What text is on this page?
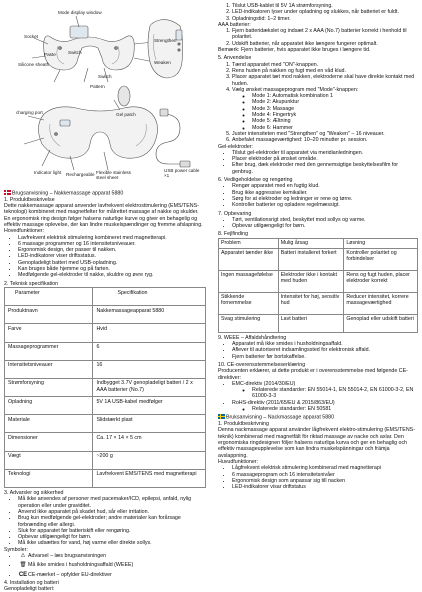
Mode display window
Socket
Switch
Silicone sheath
Paste
Switch
Pattern
Strengthen
Weaken
Gel patch
charging port
Indicator light Rechargeable Flexible stainless steel sheet
USB power cable ×1

Brugsanvisning – Nakkemassage apparat 5880

1. Produktbeskrivelse

Dette nakkemassage apparat anvender lavfrekvent elektrostimulering (EMS/TENS-teknologi) kombineret med magnetfelter for målrettet massage af nakke og skulder. En ergonomisk ring design følger halsens naturlige kurve og giver en behagelig og effektiv massage oplevelse, der kan lindre muskelspændinger og fremme afslapning.

Hovedfunktioner:

• Lavfrekvent elektrisk stimulering kombineret med magnetterapi.
• 6 massage programmer og 16 intensitetsniveauer.
• Ergonomisk design, der passer til nakken.
• LED-indikatorer viser driftsstatus.
• Genopladeligt batteri med USB-opladning.
• Kan bruges både hjemme og på farten.
• Medfølgende gel-elektroder til nakke, skuldre og øvre ryg.

2. Teknisk specifikation

Parameter	Specifikation
Produktnavn	Nakkemassageapparat 5880
Farve	Hvid
Massageprogrammer	6
Intensitetsniveauer	16
Strømforsyning	Indbygget 3.7V genopladeligt batteri / 2 x AAA batterier (No.7)
Opladning	5V 1A USB-kabel medfølger
Materiale	Slidstærkt plast
Dimensioner	Ca. 17 × 14 × 5 cm
Vægt	~200 g
Teknologi	Lavfrekvent EMS/TENS med magnetterapi

3. Advarsler og sikkerhed

• Må ikke anvendes af personer med pacemaker/ICD, epilepsi, anfald, nylig operation eller under graviditet.
• Anvend ikke apparatet på skadet hud, sår eller irritation.
• Brug kun medfølgende gel-elektroder; andre materialer kan forårsage forbrænding eller allergi.
• Sluk for apparatet før batteriskift eller rengøring.
• Opbevar utilgængeligt for børn.
• Må ikke udsættes for vand, høj varme eller direkte sollys.

Symboler:

• ⚠ Advarsel – læs brugsanvisningen
• 🗑 Må ikke smides i husholdningsaffald (WEEE)
• CECE-mærket – opfylder EU-direktiver

4. Installation og batteri

Genopladeligt batteri:

1. Tilslut USB-kablet til 5V 1A strømforsyning.
2. LED-indikatoren lyser under opladning og slukkes, når batteriet er fuldt.
3. Opladningstid: 1–2 timer.

AAA batterier:

1. Fjern batteridækslet og indsæt 2 x AAA (No.7) batterier korrekt i henhold til polaritet.
2. Udskift batterier, når apparatet ikke længere fungerer optimalt.

Bemærk: Fjern batterier, hvis apparatet ikke bruges i længere tid.

5. Anvendelse

1. Tænd apparatet med "ON"-knappen.
2. Rens huden på nakken og fugt med en våd klud.
3. Placer apparatet tæt mod nakken, elektroderne skal have direkte kontakt med huden.
4. Vælg ønsket massageprogram med "Mode"-knappen:
◦ Mode 1: Automatisk kombination 1
◦ Mode 2: Akupunktur
◦ Mode 3: Massage
◦ Mode 4: Fingertryk
◦ Mode 5: Æltning
◦ Mode 6: Hammer
5. Juster intensiteten med "Strengthen" og "Weaken" – 16 niveauer.
6. Anbefalet massageværtighed: 10–20 minutter pr. session.

Gel-elektroder:

• Tilslut gel-elektroder til apparatet via meridianledningen.
• Placer elektroder på ønsket område.
• Efter brug, dæk elektroder med den gennemsigtige beskyttelsesfilm for genbrug.

6. Vedligeholdelse og rengøring

• Rengør apparatet med en fugtig klud.
• Brug ikke aggressive kemikalier.
• Sørg for at elektroder og ledninger er rene og tørre.
• Kontroller batterier og opladere regelmæssigt.

7. Opbevaring

• Tørt, ventilationsrigt sted, beskyttet mod sollys og varme.
• Opbevar utilgængeligt for børn.

8. Fejlfinding

Problem	Mulig årsag	Løsning
Apparatet tænder ikke	Batteri installeret forkert	Kontroller polaritet og forbindelser
Ingen massagefølelse	Elektroder ikke i kontakt med huden	Rens og fugt huden, placer elektroder korrekt
Stikkende fornemmelse	Intensitet for høj, sensitiv hud	Reducer intensitet, korrere massageværtighed
Svag stimulering	Lavt batteri	Genoplad eller udskift batteri

9. WEEE – Affaldshåndtering

• Apparatet må ikke smides i husholdningsaffald.
• Aflever til autoriseret indsamlingssted for elektronisk affald.
• Fjern batterier før bortskaffelse.

10. CE-overensstemmelseserklæring

Producenten erklærer, at dette produkt er i overensstemmelse med følgende CE-direktiver:

• EMC-direktiv (2014/30/EU)
◦ Relaterede standarder: EN 55014-1, EN 55014-2, EN 61000-3-2, EN 61000-3-3
• RoHS-direktiv (2011/65/EU & 2015/863/EU)
◦ Relaterede standarder: EN 50581

Bruksanvisning – Nackmassage apparat 5880

1. Produktbeskrivning

Denna nackmassage apparat använder lågfrekvent elektro-stimulering (EMS/TENS-teknik) kombinerad med magnetfält för riktad massage av nacke och axlar. Den ergonomiska ringdesignen följer halsens naturliga kurva och ger en behaglig och effektiv massageupplevelse som kan lindra muskelspänningar och främja avslappning.

Huvudfunktioner:

• Lågfrekvent elektrisk stimulering kombinerad med magnetterapi
• 6 massageprogram och 16 intensitetsnivåer
• Ergonomisk design som anpassar sig till nacken
• LED-indikatorer visar driftstatus
